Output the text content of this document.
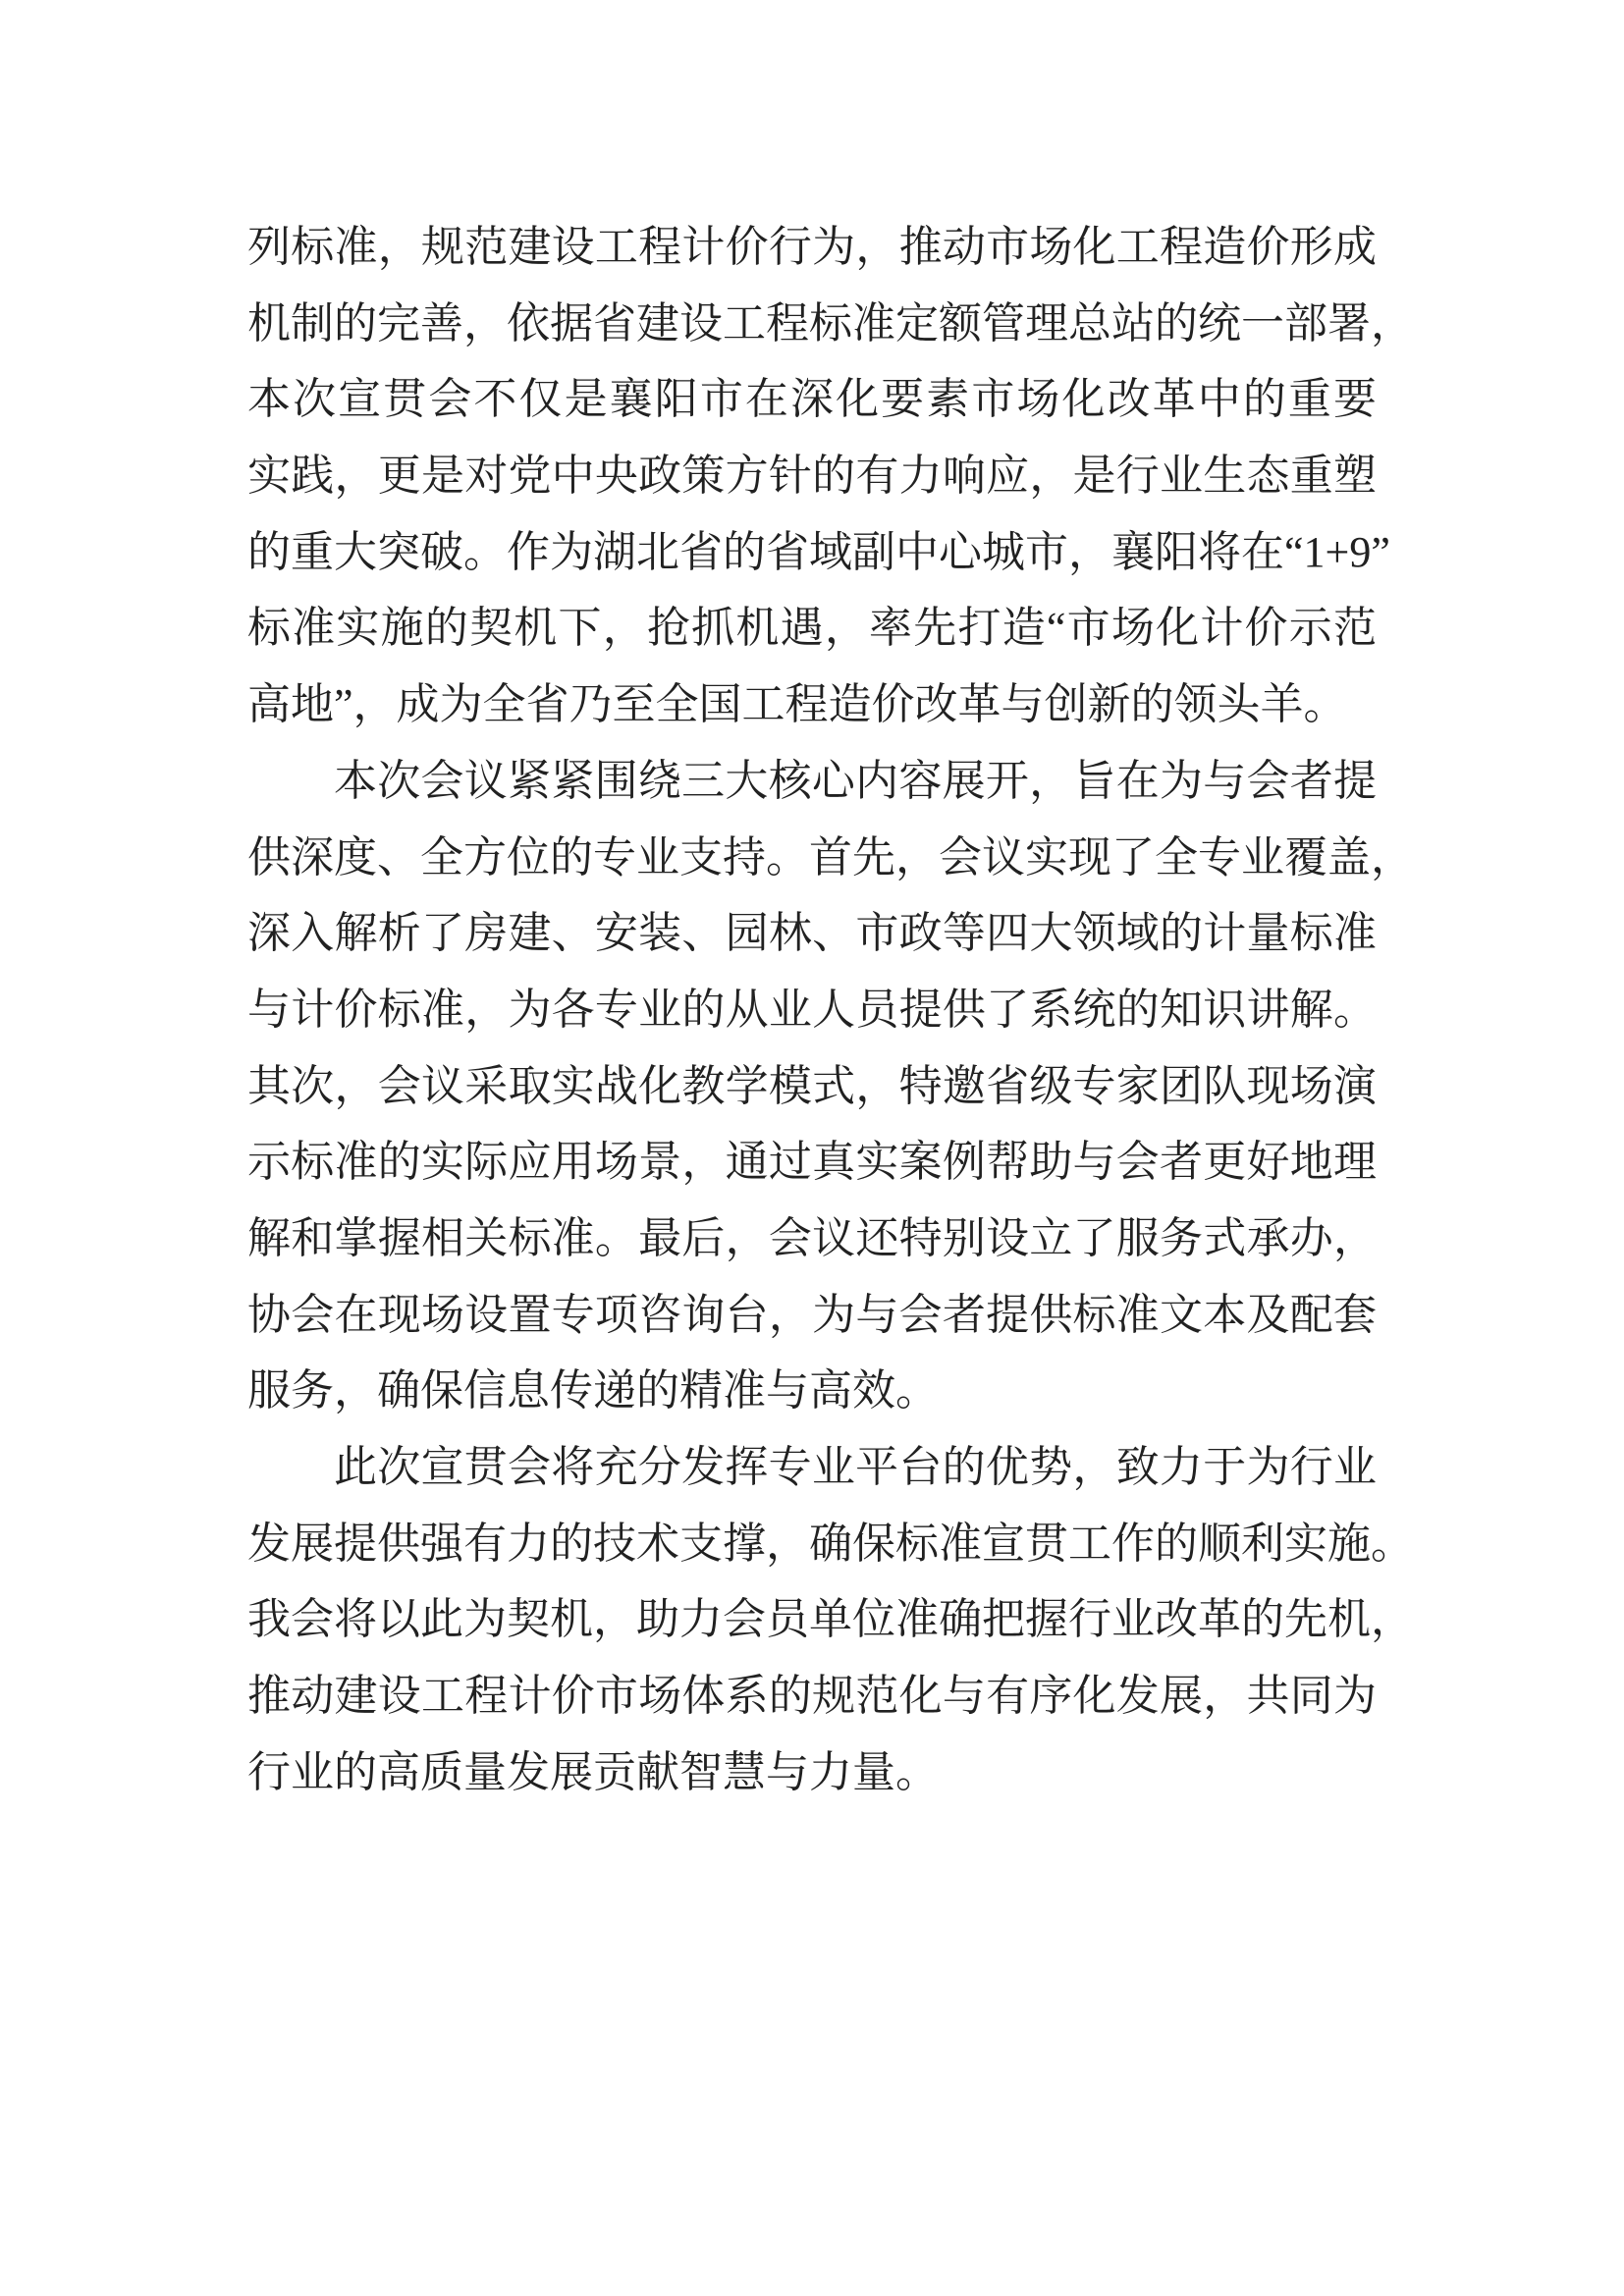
列标准，规范建设工程计价行为，推动市场化工程造价形成
机制的完善，依据省建设工程标准定额管理总站的统一部署，
本次宣贯会不仅是襄阳市在深化要素市场化改革中的重要
实践，更是对党中央政策方针的有力响应，是行业生态重塑
的重大突破。作为湖北省的省域副中心城市，襄阳将在“1+9”
标准实施的契机下，抢抓机遇，率先打造“市场化计价示范
高地”，成为全省乃至全国工程造价改革与创新的领头羊。
本次会议紧紧围绕三大核心内容展开，旨在为与会者提
供深度、全方位的专业支持。首先，会议实现了全专业覆盖，
深入解析了房建、安装、园林、市政等四大领域的计量标准
与计价标准，为各专业的从业人员提供了系统的知识讲解。
其次，会议采取实战化教学模式，特邀省级专家团队现场演
示标准的实际应用场景，通过真实案例帮助与会者更好地理
解和掌握相关标准。最后，会议还特别设立了服务式承办，
协会在现场设置专项咨询台，为与会者提供标准文本及配套
服务，确保信息传递的精准与高效。
此次宣贯会将充分发挥专业平台的优势，致力于为行业
发展提供强有力的技术支撑，确保标准宣贯工作的顺利实施。
我会将以此为契机，助力会员单位准确把握行业改革的先机，
推动建设工程计价市场体系的规范化与有序化发展，共同为
行业的高质量发展贡献智慧与力量。
